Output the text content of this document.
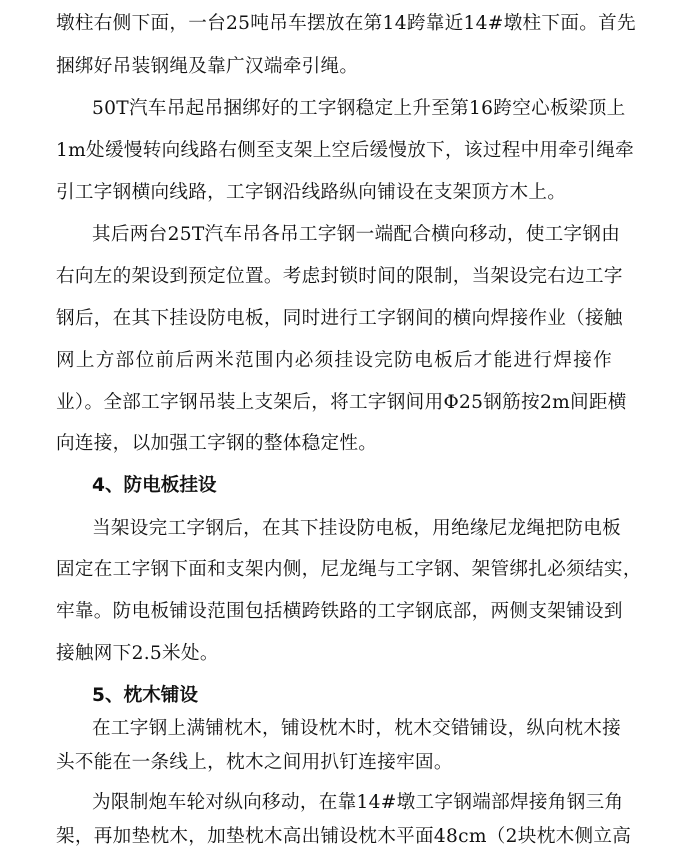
墩柱右侧下面，一台25吨吊车摆放在第14跨靠近14#墩柱下面。首先
捆绑好吊装钢绳及靠广汉端牵引绳。
50T汽车吊起吊捆绑好的工字钢稳定上升至第16跨空心板梁顶上
1m处缓慢转向线路右侧至支架上空后缓慢放下，该过程中用牵引绳牵
引工字钢横向线路，工字钢沿线路纵向铺设在支架顶方木上。
其后两台25T汽车吊各吊工字钢一端配合横向移动，使工字钢由
右向左的架设到预定位置。考虑封锁时间的限制，当架设完右边工字
钢后，在其下挂设防电板，同时进行工字钢间的横向焊接作业（接触
网上方部位前后两米范围内必须挂设完防电板后才能进行焊接作
业）。全部工字钢吊装上支架后，将工字钢间用Φ25钢筋按2m间距横
向连接，以加强工字钢的整体稳定性。
4、防电板挂设
当架设完工字钢后，在其下挂设防电板，用绝缘尼龙绳把防电板
固定在工字钢下面和支架内侧，尼龙绳与工字钢、架管绑扎必须结实，
牢靠。防电板铺设范围包括横跨铁路的工字钢底部，两侧支架铺设到
接触网下2.5米处。
5、枕木铺设
在工字钢上满铺枕木，铺设枕木时，枕木交错铺设，纵向枕木接
头不能在一条线上，枕木之间用扒钉连接牢固。
为限制炮车轮对纵向移动，在靠14#墩工字钢端部焊接角钢三角
架，再加垫枕木，加垫枕木高出铺设枕木平面48cm（2块枕木侧立高
